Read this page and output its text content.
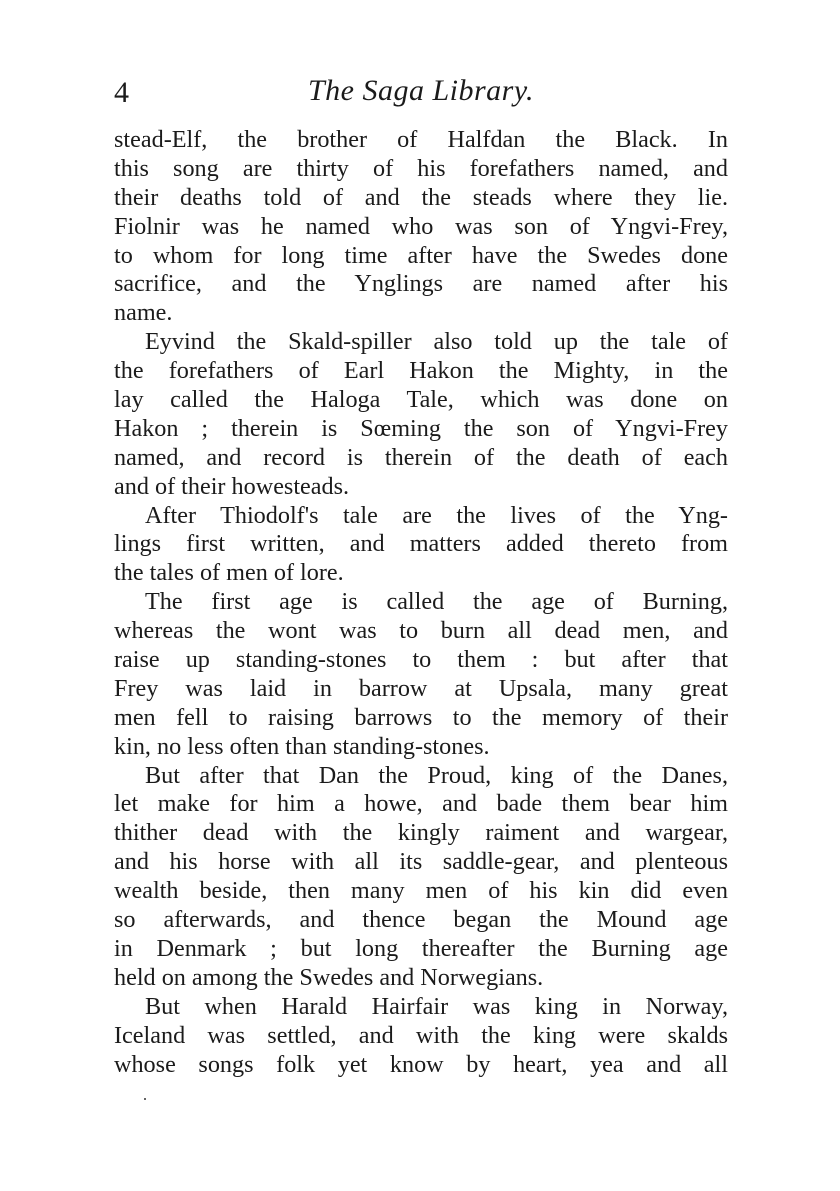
4	The Saga Library.
stead-Elf, the brother of Halfdan the Black. In
this song are thirty of his forefathers named, and
their deaths told of and the steads where they lie.
Fiolnir was he named who was son of Yngvi-Frey,
to whom for long time after have the Swedes done
sacrifice, and the Ynglings are named after his
name.
Eyvind the Skald-spiller also told up the tale of
the forefathers of Earl Hakon the Mighty, in the
lay called the Haloga Tale, which was done on
Hakon ; therein is Sœming the son of Yngvi-Frey
named, and record is therein of the death of each
and of their howesteads.
After Thiodolf's tale are the lives of the Yng-
lings first written, and matters added thereto from
the tales of men of lore.
The first age is called the age of Burning,
whereas the wont was to burn all dead men, and
raise up standing-stones to them : but after that
Frey was laid in barrow at Upsala, many great
men fell to raising barrows to the memory of their
kin, no less often than standing-stones.
But after that Dan the Proud, king of the Danes,
let make for him a howe, and bade them bear him
thither dead with the kingly raiment and wargear,
and his horse with all its saddle-gear, and plenteous
wealth beside, then many men of his kin did even
so afterwards, and thence began the Mound age
in Denmark ; but long thereafter the Burning age
held on among the Swedes and Norwegians.
But when Harald Hairfair was king in Norway,
Iceland was settled, and with the king were skalds
whose songs folk yet know by heart, yea and all
